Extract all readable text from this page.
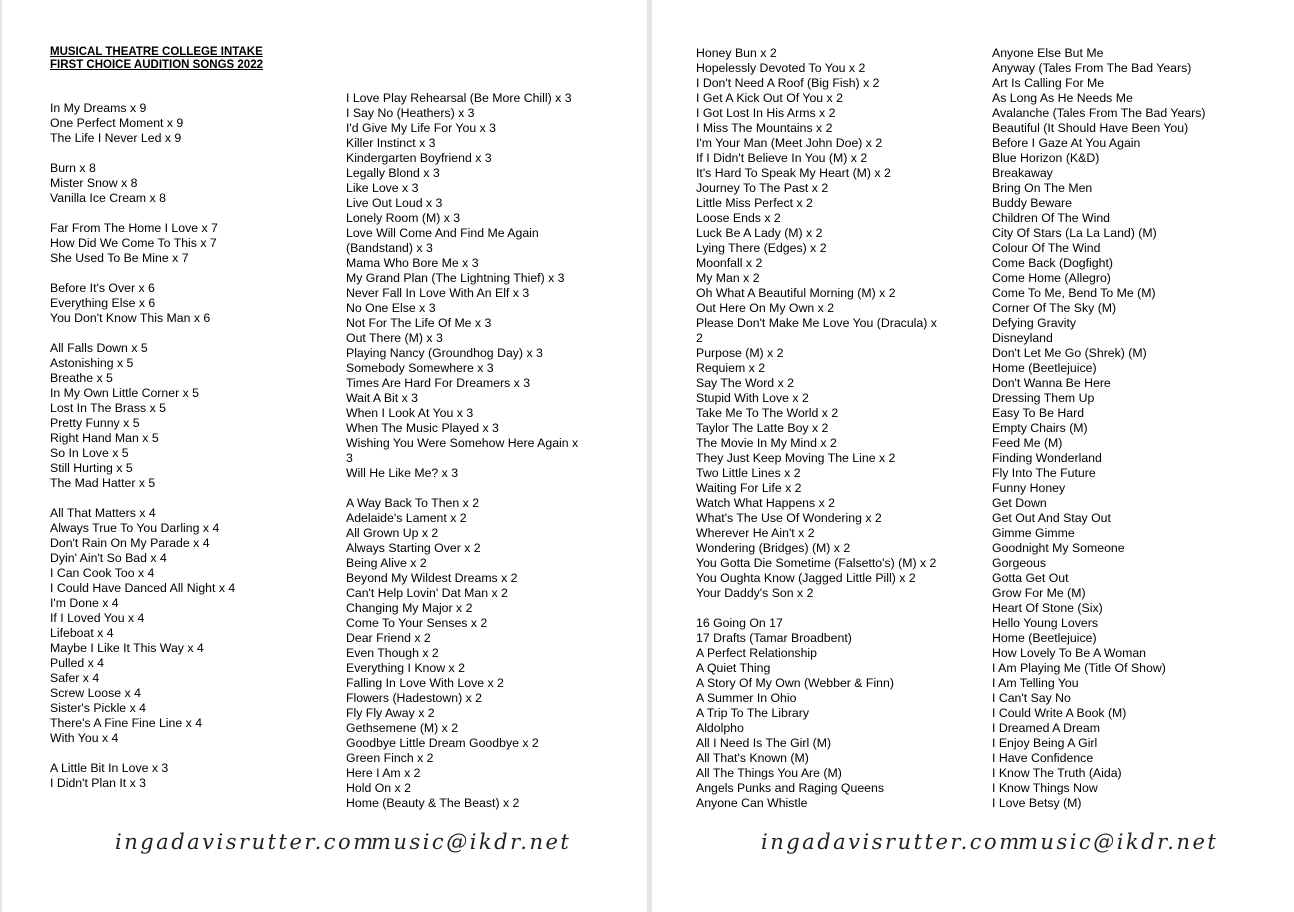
MUSICAL THEATRE COLLEGE INTAKE
FIRST CHOICE AUDITION SONGS 2022
In My Dreams x 9
One Perfect Moment x 9
The Life I Never Led x 9
Burn x 8
Mister Snow x 8
Vanilla Ice Cream x 8
Far From The Home I Love x 7
How Did We Come To This x 7
She Used To Be Mine x 7
Before It's Over x 6
Everything Else x 6
You Don't Know This Man x 6
All Falls Down x 5
Astonishing x 5
Breathe x 5
In My Own Little Corner x 5
Lost In The Brass x 5
Pretty Funny x 5
Right Hand Man x 5
So In Love x 5
Still Hurting x 5
The Mad Hatter x 5
All That Matters x 4
Always True To You Darling x 4
Don't Rain On My Parade x 4
Dyin' Ain't So Bad x 4
I Can Cook Too x 4
I Could Have Danced All Night x 4
I'm Done x 4
If I Loved You x 4
Lifeboat x 4
Maybe I Like It This Way x 4
Pulled x 4
Safer x 4
Screw Loose x 4
Sister's Pickle x 4
There's A Fine Fine Line x 4
With You x 4
A Little Bit In Love x 3
I Didn't Plan It x 3
I Love Play Rehearsal (Be More Chill) x 3
I Say No (Heathers) x 3
I'd Give My Life For You x 3
Killer Instinct x 3
Kindergarten Boyfriend x 3
Legally Blond x 3
Like Love x 3
Live Out Loud x 3
Lonely Room (M) x 3
Love Will Come And Find Me Again
(Bandstand) x 3
Mama Who Bore Me x 3
My Grand Plan (The Lightning Thief) x 3
Never Fall In Love With An Elf x 3
No One Else x 3
Not For The Life Of Me x 3
Out There (M) x 3
Playing Nancy (Groundhog Day) x 3
Somebody Somewhere x 3
Times Are Hard For Dreamers x 3
Wait A Bit x 3
When I Look At You x 3
When The Music Played x 3
Wishing You Were Somehow Here Again x
3
Will He Like Me? x 3
A Way Back To Then x 2
Adelaide's Lament x 2
All Grown Up x 2
Always Starting Over x 2
Being Alive x 2
Beyond My Wildest Dreams x 2
Can't Help Lovin' Dat Man x 2
Changing My Major x 2
Come To Your Senses x 2
Dear Friend x 2
Even Though x 2
Everything I Know x 2
Falling In Love With Love x 2
Flowers (Hadestown) x 2
Fly Fly Away x 2
Gethsemene (M) x 2
Goodbye Little Dream Goodbye x 2
Green Finch x 2
Here I Am x 2
Hold On x 2
Home (Beauty & The Beast) x 2
ingadavisrutter.com
music@ikdr.net
Honey Bun x 2
Hopelessly Devoted To You x 2
I Don't Need A Roof (Big Fish) x 2
I Get A Kick Out Of You x 2
I Got Lost In His Arms x 2
I Miss The Mountains x 2
I'm Your Man (Meet John Doe) x 2
If I Didn't Believe In You (M) x 2
It's Hard To Speak My Heart (M) x 2
Journey To The Past x 2
Little Miss Perfect x 2
Loose Ends x 2
Luck Be A Lady (M) x 2
Lying There (Edges) x 2
Moonfall x 2
My Man x 2
Oh What A Beautiful Morning (M) x 2
Out Here On My Own x 2
Please Don't Make Me Love You (Dracula) x
2
Purpose (M) x 2
Requiem x 2
Say The Word x 2
Stupid With Love x 2
Take Me To The World x 2
Taylor The Latte Boy x 2
The Movie In My Mind x 2
They Just Keep Moving The Line x 2
Two Little Lines x 2
Waiting For Life x 2
Watch What Happens x 2
What's The Use Of Wondering x 2
Wherever He Ain't x 2
Wondering (Bridges) (M) x 2
You Gotta Die Sometime (Falsetto's) (M) x 2
You Oughta Know (Jagged Little Pill) x 2
Your Daddy's Son x 2
16 Going On 17
17 Drafts (Tamar Broadbent)
A Perfect Relationship
A Quiet Thing
A Story Of My Own (Webber & Finn)
A Summer In Ohio
A Trip To The Library
Aldolpho
All I Need Is The Girl (M)
All That's Known (M)
All The Things You Are (M)
Angels Punks and Raging Queens
Anyone Can Whistle
Anyone Else But Me
Anyway (Tales From The Bad Years)
Art Is Calling For Me
As Long As He Needs Me
Avalanche (Tales From The Bad Years)
Beautiful (It Should Have Been You)
Before I Gaze At You Again
Blue Horizon (K&D)
Breakaway
Bring On The Men
Buddy Beware
Children Of The Wind
City Of Stars (La La Land) (M)
Colour Of The Wind
Come Back (Dogfight)
Come Home (Allegro)
Come To Me, Bend To Me (M)
Corner Of The Sky (M)
Defying Gravity
Disneyland
Don't Let Me Go (Shrek) (M)
Home (Beetlejuice)
Don't Wanna Be Here
Dressing Them Up
Easy To Be Hard
Empty Chairs (M)
Feed Me (M)
Finding Wonderland
Fly Into The Future
Funny Honey
Get Down
Get Out And Stay Out
Gimme Gimme
Goodnight My Someone
Gorgeous
Gotta Get Out
Grow For Me (M)
Heart Of Stone (Six)
Hello Young Lovers
Home (Beetlejuice)
How Lovely To Be A Woman
I Am Playing Me (Title Of Show)
I Am Telling You
I Can't Say No
I Could Write A Book (M)
I Dreamed A Dream
I Enjoy Being A Girl
I Have Confidence
I Know The Truth (Aida)
I Know Things Now
I Love Betsy (M)
ingadavisrutter.com
music@ikdr.net
